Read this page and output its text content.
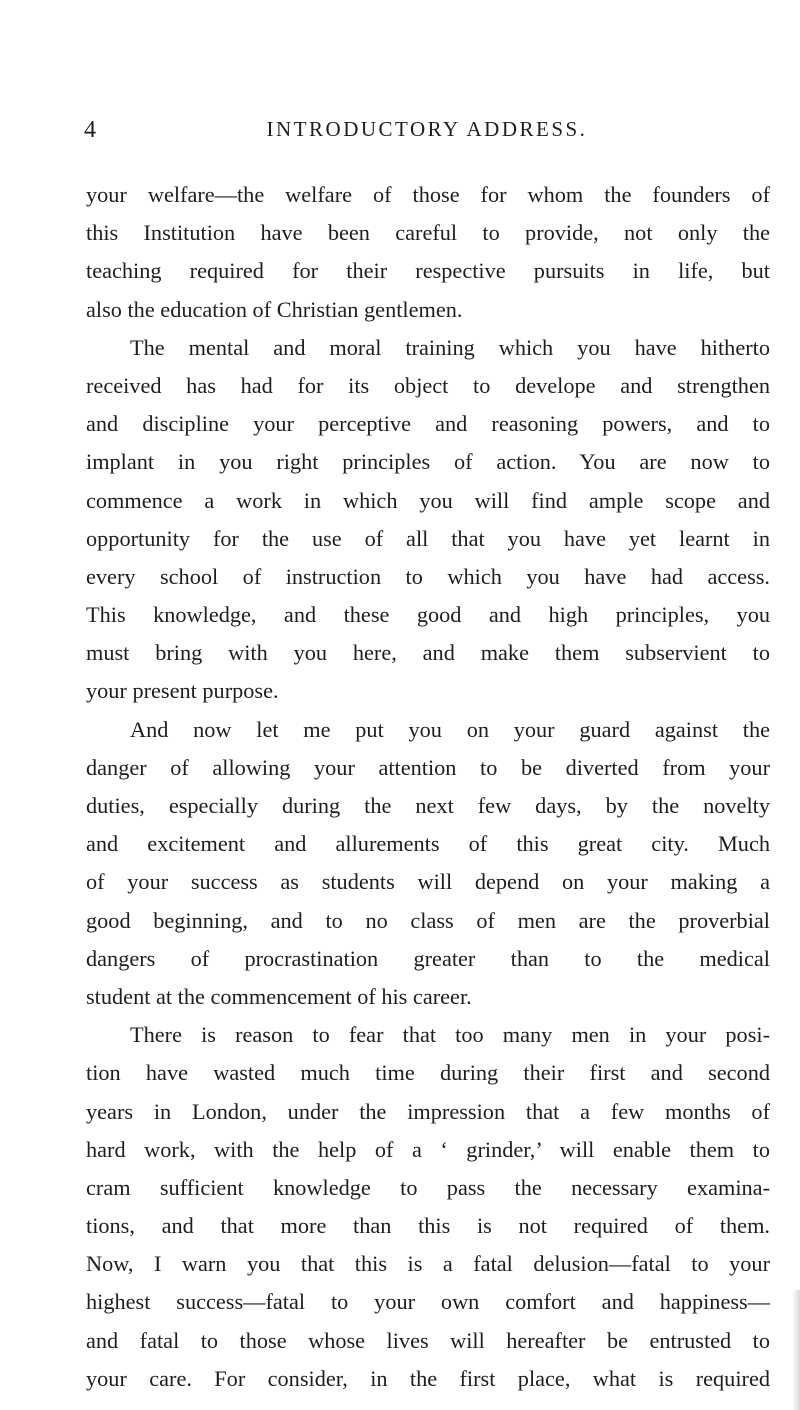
4	INTRODUCTORY ADDRESS.
your welfare—the welfare of those for whom the founders of
this Institution have been careful to provide, not only the
teaching required for their respective pursuits in life, but
also the education of Christian gentlemen.
The mental and moral training which you have hitherto
received has had for its object to develope and strengthen
and discipline your perceptive and reasoning powers, and to
implant in you right principles of action. You are now to
commence a work in which you will find ample scope and
opportunity for the use of all that you have yet learnt in
every school of instruction to which you have had access.
This knowledge, and these good and high principles, you
must bring with you here, and make them subservient to
your present purpose.
And now let me put you on your guard against the
danger of allowing your attention to be diverted from your
duties, especially during the next few days, by the novelty
and excitement and allurements of this great city. Much
of your success as students will depend on your making a
good beginning, and to no class of men are the proverbial
dangers of procrastination greater than to the medical
student at the commencement of his career.
There is reason to fear that too many men in your posi-
tion have wasted much time during their first and second
years in London, under the impression that a few months of
hard work, with the help of a ‘ grinder,’ will enable them to
cram sufficient knowledge to pass the necessary examina-
tions, and that more than this is not required of them.
Now, I warn you that this is a fatal delusion—fatal to your
highest success—fatal to your own comfort and happiness—
and fatal to those whose lives will hereafter be entrusted to
your care. For consider, in the first place, what is required
